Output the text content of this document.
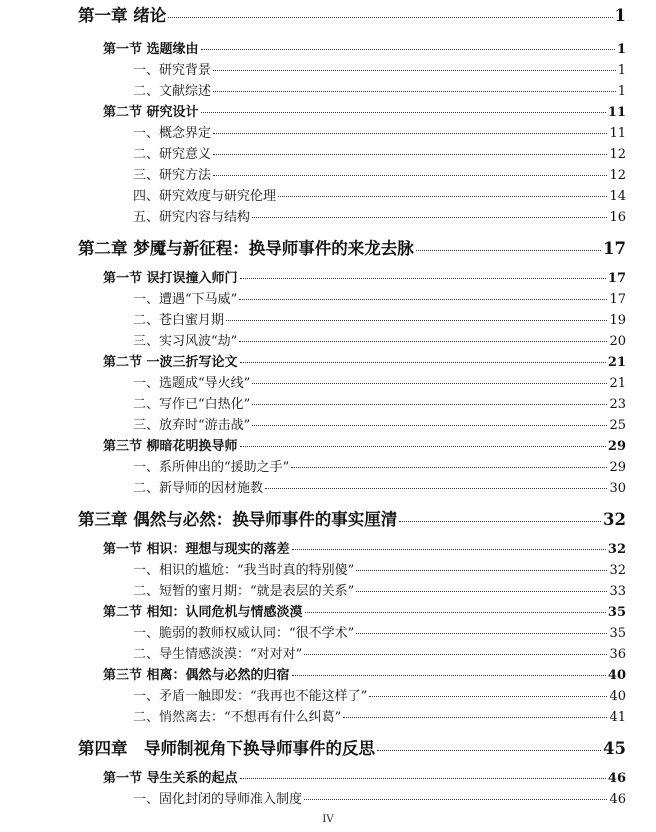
第一章 绪论	1
第一节 选题缘由	1
一、研究背景	1
二、文献综述	1
第二节 研究设计	11
一、概念界定	11
二、研究意义	12
三、研究方法	12
四、研究效度与研究伦理	14
五、研究内容与结构	16
第二章 梦魇与新征程：换导师事件的来龙去脉	17
第一节 误打误撞入师门	17
一、遭遇“下马威”	17
二、苍白蜜月期	19
三、实习风波“劫”	20
第二节 一波三折写论文	21
一、选题成“导火线”	21
二、写作已“白热化”	23
三、放弃时“游击战”	25
第三节 柳暗花明换导师	29
一、系所伸出的“援助之手”	29
二、新导师的因材施教	30
第三章 偶然与必然：换导师事件的事实厘清	32
第一节 相识：理想与现实的落差	32
一、相识的尴尬：“我当时真的特别傻”	32
二、短暂的蜜月期：“就是表层的关系”	33
第二节 相知：认同危机与情感淡漠	35
一、脆弱的教师权威认同：“很不学术”	35
二、导生情感淡漠：“对对对”	36
第三节 相离：偶然与必然的归宿	40
一、矛盾一触即发：“我再也不能这样了”	40
二、悄然离去：“不想再有什么纠葛”	41
第四章　导师制视角下换导师事件的反思	45
第一节 导生关系的起点	46
一、固化封闭的导师准入制度	46
IV
